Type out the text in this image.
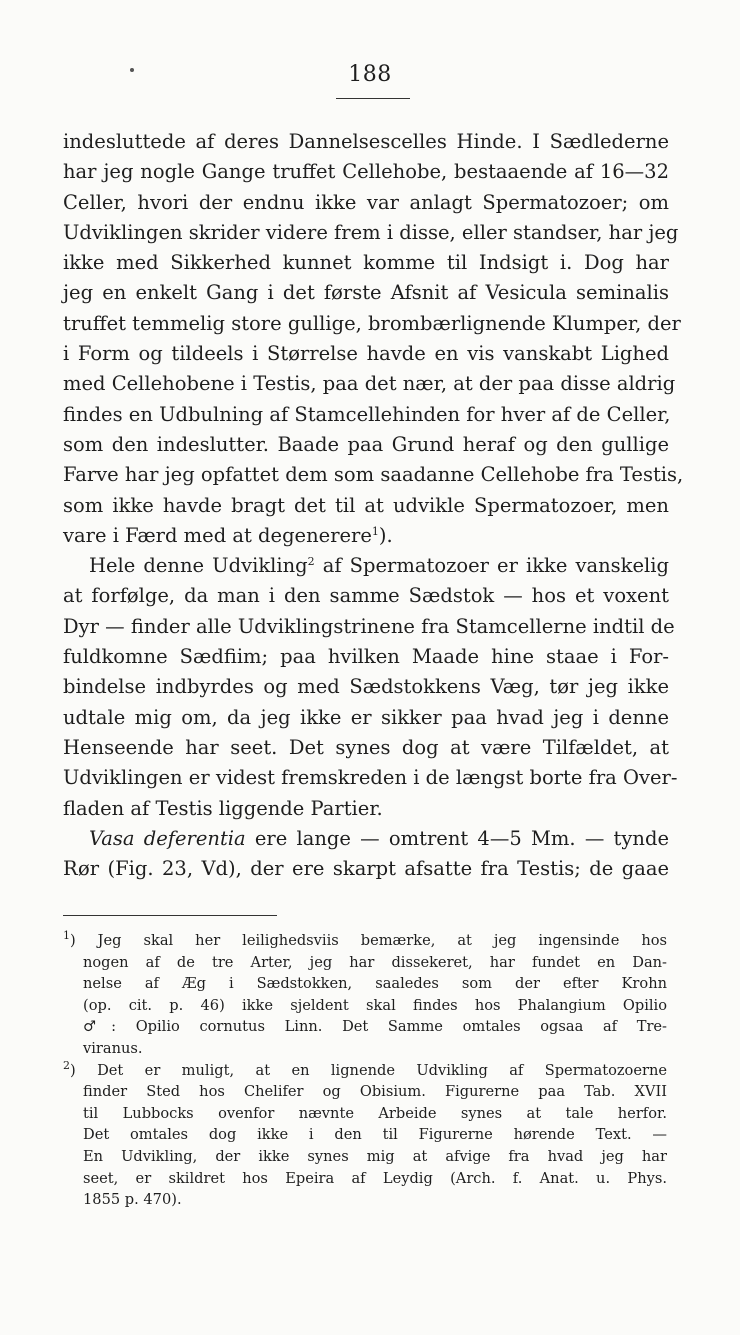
188
indesluttede af deres Dannelsescelles Hinde. I Sædlederne
har jeg nogle Gange truffet Cellehobe, bestaaende af 16—32
Celler, hvori der endnu ikke var anlagt Spermatozoer; om
Udviklingen skrider videre frem i disse, eller standser, har jeg
ikke med Sikkerhed kunnet komme til Indsigt i. Dog har
jeg en enkelt Gang i det første Afsnit af Vesicula seminalis
truffet temmelig store gullige, brombærlignende Klumper, der
i Form og tildeels i Størrelse havde en vis vanskabt Lighed
med Cellehobene i Testis, paa det nær, at der paa disse aldrig
findes en Udbulning af Stamcellehinden for hver af de Celler,
som den indeslutter. Baade paa Grund heraf og den gullige
Farve har jeg opfattet dem som saadanne Cellehobe fra Testis,
som ikke havde bragt det til at udvikle Spermatozoer, men
vare i Færd med at degenerere$^1$).
Hele denne Udvikling$^2$ af Spermatozoer er ikke vanskelig
at forfølge, da man i den samme Sædstok — hos et voxent
Dyr — finder alle Udviklingstrinene fra Stamcellerne indtil de
fuldkomne Sædfiim; paa hvilken Maade hine staae i For-
bindelse indbyrdes og med Sædstokkens Væg, tør jeg ikke
udtale mig om, da jeg ikke er sikker paa hvad jeg i denne
Henseende har seet. Det synes dog at være Tilfældet, at
Udviklingen er videst fremskreden i de længst borte fra Over-
fladen af Testis liggende Partier.
Vasa deferentia ere lange — omtrent 4—5 Mm. — tynde
Rør (Fig. 23, Vd), der ere skarpt afsatte fra Testis; de gaae
$^1$) Jeg skal her leilighedsviis bemærke, at jeg ingensinde hos
nogen af de tre Arter, jeg har dissekeret, har fundet en Dan-
nelse af Æg i Sædstokken, saaledes som der efter Krohn
(op. cit. p. 46) ikke sjeldent skal findes hos Phalangium Opilio
♂: Opilio cornutus Linn. Det Samme omtales ogsaa af Tre-
viranus.
$^2$) Det er muligt, at en lignende Udvikling af Spermatozoerne
finder Sted hos Chelifer og Obisium. Figurerne paa Tab. XVII
til Lubbocks ovenfor nævnte Arbeide synes at tale herfor.
Det omtales dog ikke i den til Figurerne hørende Text. —
En Udvikling, der ikke synes mig at afvige fra hvad jeg har
seet, er skildret hos Epeira af Leydig (Arch. f. Anat. u. Phys.
1855 p. 470).
